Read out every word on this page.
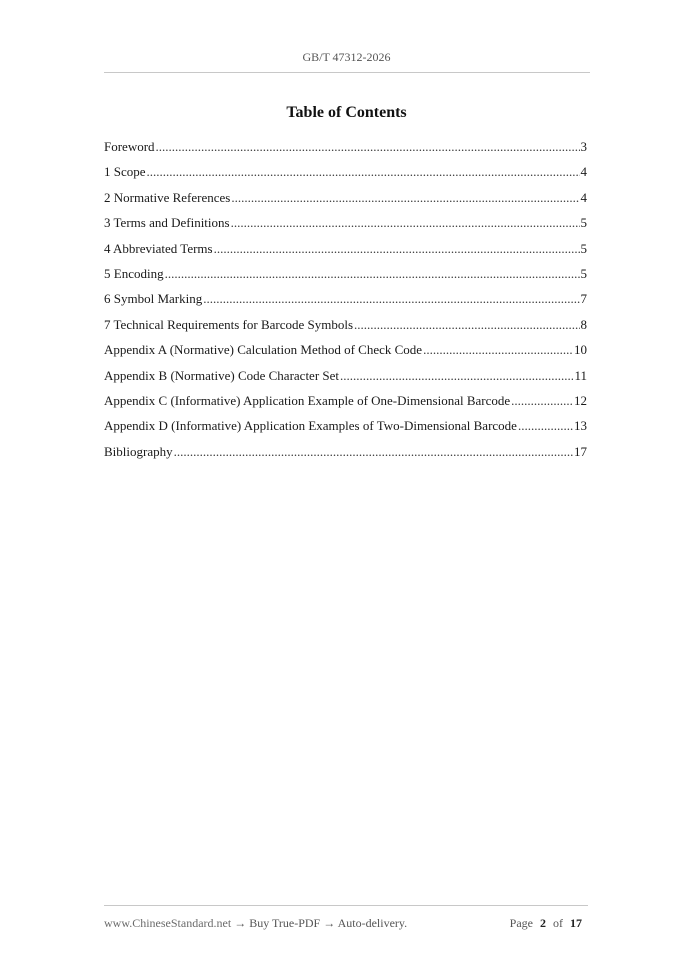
GB/T 47312-2026
Table of Contents
Foreword .....	3
1 Scope .....	4
2 Normative References .....	4
3 Terms and Definitions .....	5
4 Abbreviated Terms .....	5
5 Encoding .....	5
6 Symbol Marking .....	7
7 Technical Requirements for Barcode Symbols .....	8
Appendix A (Normative) Calculation Method of Check Code .....	10
Appendix B (Normative) Code Character Set .....	11
Appendix C (Informative) Application Example of One-Dimensional Barcode .....	12
Appendix D (Informative) Application Examples of Two-Dimensional Barcode .....	13
Bibliography .....	17
www.ChineseStandard.net → Buy True-PDF → Auto-delivery.	Page 2 of 17
